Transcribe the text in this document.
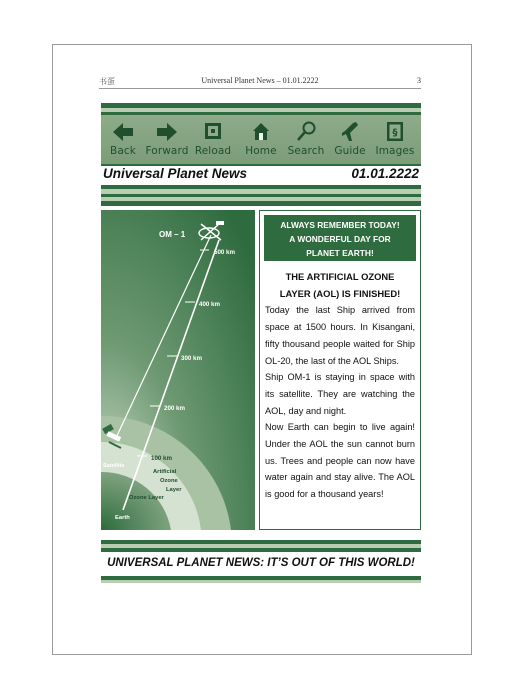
书蛋	Universal Planet News – 01.01.2222	3
Back Forward Reload	Home	Search Guide
§
Images
Universal Planet News	01.01.2222
OM – 1
500 km
400 km
300 km
200 km
100 km
Satellite
Artificial
Ozone
Layer
Ozone Layer
Earth
ALWAYS REMEMBER TODAY!
A WONDERFUL DAY FOR
PLANET EARTH!
THE ARTIFICIAL OZONE
LAYER (AOL) IS FINISHED!

Today the last Ship arrived from space at 1500 hours. In Kisangani, fifty thousand people waited for Ship OL-20, the last of the AOL Ships.

Ship OM-1 is staying in space with its satellite. They are watching the AOL, day and night.

Now Earth can begin to live again! Under the AOL the sun cannot burn us. Trees and people can now have water again and stay alive. The AOL is good for a thousand years!

UNIVERSAL PLANET NEWS: IT’S OUT OF THIS WORLD!
